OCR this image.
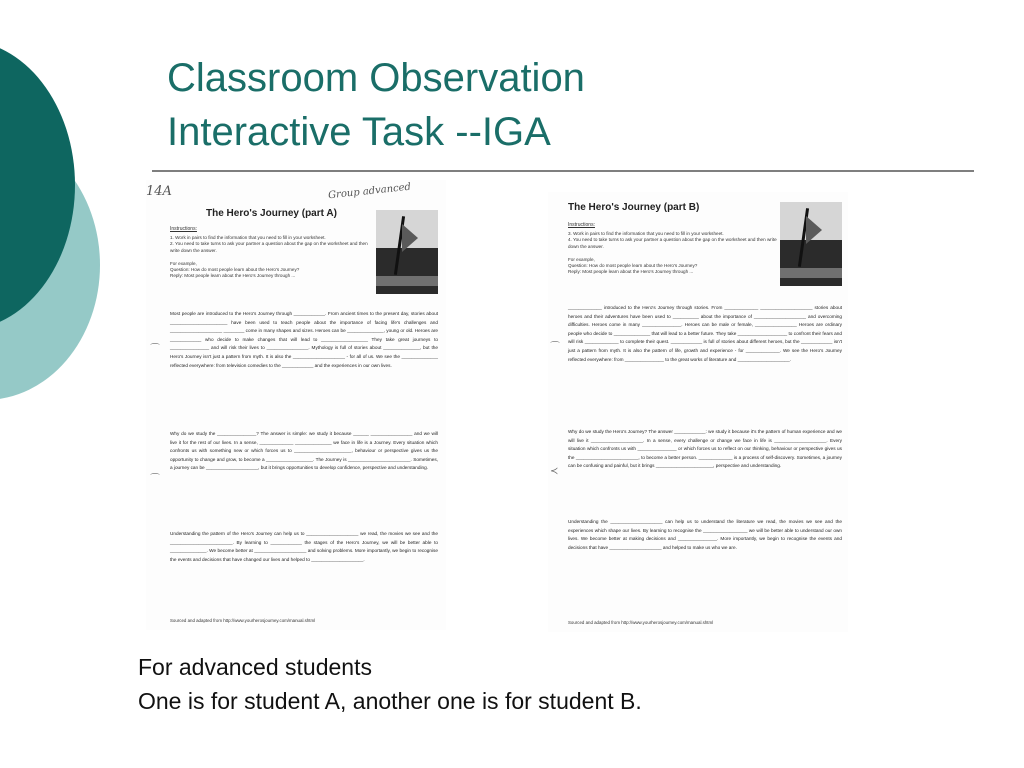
Classroom Observation
Interactive Task --IGA
14A	Group advanced
The Hero's Journey (part A)
Instructions:
1. Work in pairs to find the information that you need to fill in your worksheet.
2. You need to take turns to ask your partner a question about the gap on the worksheet and then write down the answer.

For example,
Question: How do most people learn about the Hero's Journey?
Reply: Most people learn about the Hero's Journey through ...
⌒
⌒
Most people are introduced to the Hero's Journey through ____________. From ancient times to the present day, stories about ______________________ have been used to teach people about the importance of facing life's challenges and ____________________ ________ come in many shapes and sizes. Heroes can be ______________, young or old. Heroes are ____________ who decide to make changes that will lead to __________________ They take great journeys to _______________ and will risk their lives to ________________. Mythology is full of stories about ______________, but the Hero's Journey isn't just a pattern from myth. It is also the ____________________ - for all of us. We see the ______________ reflected everywhere: from television comedies to the ____________ and the experiences in our own lives.
Why do we study the _______________? The answer is simple: we study it because ______ ________________ and we will live it for the rest of our lives. In a sense, _____________ ______________ we face in life is a Journey. Every situation which confronts us with something new or which forces us to ______________________, behaviour or perspective gives us the opportunity to change and grow, to become a __________________. The Journey is ________________________. Sometimes, a journey can be ____________________, but it brings opportunities to develop confidence, perspective and understanding.
Understanding the pattern of the Hero's Journey can help us to ____________________ we read, the movies we see and the ________________________. By learning to ____________ the stages of the Hero's Journey, we will be better able to ______________. We become better at ____________________ and solving problems. More importantly, we begin to recognise the events and decisions that have changed our lives and helped to ____________________.
Sourced and adapted from http://www.yourherosjourney.com/manual.shtml
The Hero's Journey (part B)
Instructions:
3. Work in pairs to find the information that you need to fill in your worksheet.
4. You need to take turns to ask your partner a question about the gap on the worksheet and then write down the answer.

For example,
Question: How do most people learn about the Hero's Journey?
Reply: Most people learn about the Hero's Journey through ...
⌒
≺
_____________ introduced to the Hero's Journey through stories. From _____________ ____________________ stories about heroes and their adventures have been used to __________ about the importance of ____________________ and overcoming difficulties. Heroes come in many _______________. Heroes can be male or female, ________________ Heroes are ordinary people who decide to ______________ that will lead to a better future. They take ___________________ to confront their fears and will risk _____________ to complete their quest. ____________ is full of stories about different heroes, but the ____________ isn't just a pattern from myth. It is also the pattern of life, growth and experience - for _____________. We see the Hero's Journey reflected everywhere: from _______________ to the great works of literature and ____________________.
Why do we study the Hero's Journey? The answer ____________: we study it because it's the pattern of human experience and we will live it ____________________. In a sense, every challenge or change we face in life is ____________________. Every situation which confronts us with _______________ or which forces us to reflect on our thinking, behaviour or perspective gives us the ________________________, to become a better person. _____________ is a process of self-discovery. Sometimes, a journey can be confusing and painful, but it brings ______________________, perspective and understanding.
Understanding the ____________________ can help us to understand the literature we read, the movies we see and the experiences which shape our lives. By learning to recognise the _________________ we will be better able to understand our own lives. We become better at making decisions and _______________. More importantly, we begin to recognise the events and decisions that have ____________________ and helped to make us who we are.
Sourced and adapted from http://www.yourherosjourney.com/manual.shtml
For advanced students
One is for student A, another one is for student B.
